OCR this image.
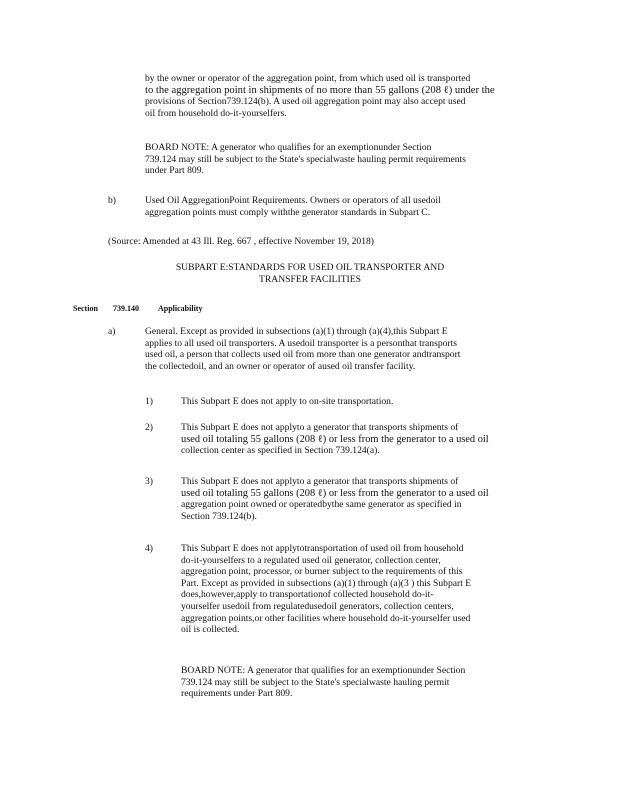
by the owner or operator of the aggregation point, from which used oil is transported

to the aggregation point in shipments of no more than 55 gallons (208 ℓ) under the

provisions of Section739.124(b). A used oil aggregation point may also accept used

oil from household do-it-yourselfers.

BOARD NOTE: A generator who qualifies for an exemptionunder Section

739.124 may still be subject to the State's specialwaste hauling permit requirements

under Part 809.

b)	Used Oil AggregationPoint Requirements. Owners or operators of all usedoil

aggregation points must comply withthe generator standards in Subpart C.

(Source: Amended at 43 Ill. Reg. 667 , effective November 19, 2018)

SUBPART E:STANDARDS FOR USED OIL TRANSPORTER AND

TRANSFER FACILITIES

Section 739.140 Applicability
a)	General. Except as provided in subsections (a)(1) through (a)(4),this Subpart E

applies to all used oil transporters. A usedoil transporter is a personthat transports

used oil, a person that collects used oil from more than one generator andtransport

the collectedoil, and an owner or operator of aused oil transfer facility.

1)	This Subpart E does not apply to on-site transportation.

2)	This Subpart E does not applyto a generator that transports shipments of

used oil totaling 55 gallons (208 ℓ) or less from the generator to a used oil

collection center as specified in Section 739.124(a).

3)	This Subpart E does not applyto a generator that transports shipments of

used oil totaling 55 gallons (208 ℓ) or less from the generator to a used oil

aggregation point owned or operatedbythe same generator as specified in

Section 739.124(b).

4)	This Subpart E does not applytotransportation of used oil from household

do-it-yourselfers to a regulated used oil generator, collection center,

aggregation point, processor, or burner subject to the requirements of this

Part. Except as provided in subsections (a)(1) through (a)(3 ) this Subpart E

does,however,apply to transportationof collected household do-it-

yourselfer usedoil from regulatedusedoil generators, collection centers,

aggregation points,or other facilities where household do-it-yourselfer used

oil is collected.

BOARD NOTE: A generator that qualifies for an exemptionunder Section

739.124 may still be subject to the State's specialwaste hauling permit

requirements under Part 809.
